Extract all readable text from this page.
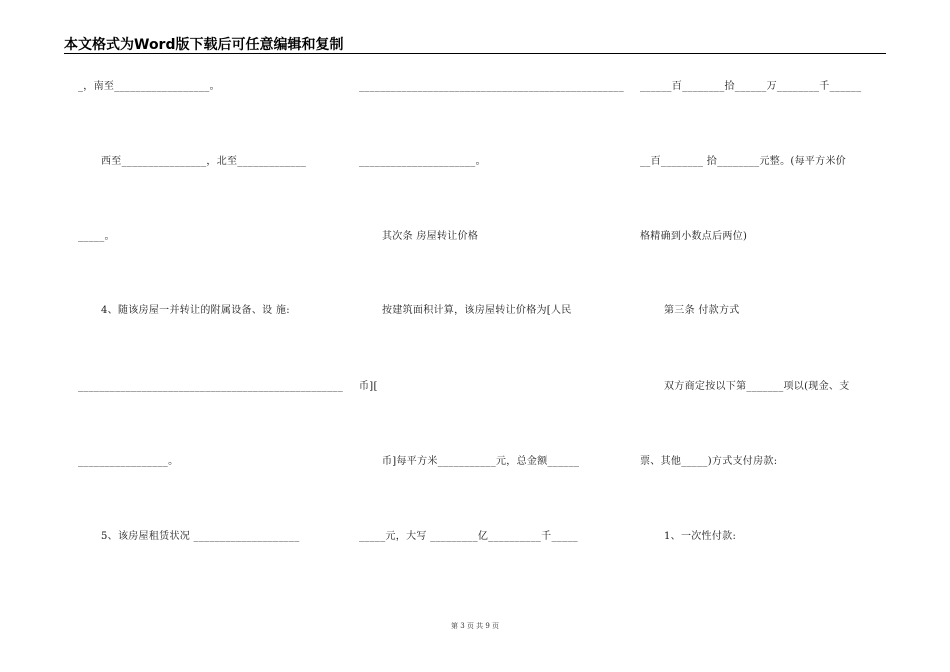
本文格式为Word版下载后可任意编辑和复制
_，南至__________________。
西至________________，北至_____________
_____。
4、随该房屋一并转让的附属设备、设 施:
__________________________________________________
_________________。
5、该房屋租赁状况 ____________________
__________________________________________________
______________________。
其次条 房屋转让价格
按建筑面积计算，该房屋转让价格为[人民
币][
币]每平方米___________元，总金额______
_____元，大写 _________亿__________千_____
______百________拾______万________千______
__百________ 拾________元整。(每平方米价
格精确到小数点后两位)
第三条 付款方式
双方商定按以下第_______项以(现金、支
票、其他_____)方式支付房款:
1、一次性付款:
第 3 页 共 9 页
